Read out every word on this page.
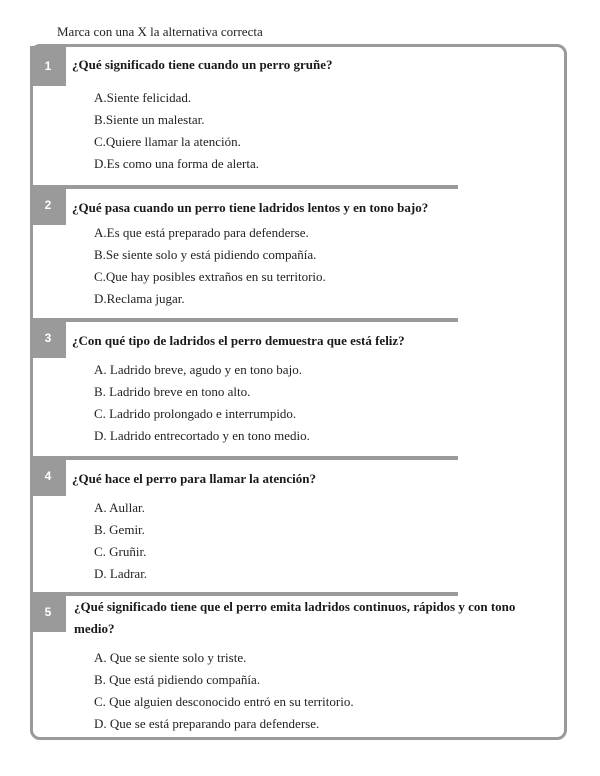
Marca con una X la alternativa correcta
1	¿Qué significado tiene cuando un perro gruñe?
A.Siente felicidad.
B.Siente un malestar.
C.Quiere llamar la atención.
D.Es como una forma de alerta.
2	¿Qué pasa cuando un perro tiene ladridos lentos y en tono bajo?
A.Es que está preparado para defenderse.
B.Se siente solo y está pidiendo compañía.
C.Que hay posibles extraños en su territorio.
D.Reclama jugar.
3	¿Con qué tipo de ladridos el perro demuestra que está feliz?
A. Ladrido breve, agudo y en tono bajo.
B. Ladrido breve en tono alto.
C. Ladrido prolongado e interrumpido.
D. Ladrido entrecortado y en tono medio.
4	¿Qué hace el perro para llamar la atención?
A. Aullar.
B. Gemir.
C. Gruñir.
D. Ladrar.
5	¿Qué significado tiene que el perro emita ladridos continuos, rápidos y con tono medio?
A. Que se siente solo y triste.
B. Que está pidiendo compañía.
C. Que alguien desconocido entró en su territorio.
D. Que se está preparando para defenderse.
